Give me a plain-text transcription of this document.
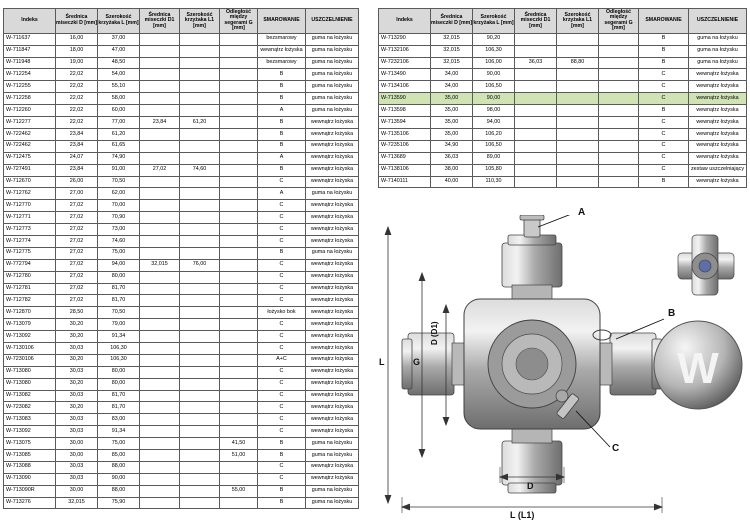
Indeks	Średnica miseczki D [mm]	Szerokość krzyżaka L [mm]	Średnica miseczki D1 [mm]	Szerokość krzyżaka L1 [mm]	Odległość między segerami G [mm]	SMAROWANIE	USZCZELNIENIE
W-711637	16,00	37,00				bezsmarowy	guma na łożysku
W-711847	18,00	47,00				wewnątrz łożyska	guma na łożysku
W-711948	19,00	48,50				bezsmarowy	guma na łożysku
W-712254	22,02	54,00				B	guma na łożysku
W-712255	22,02	55,10				B	guma na łożysku
W-712258	22,02	58,00				B	guma na łożysku
W-712260	22,02	60,00				A	guma na łożysku
W-712277	22,02	77,00	23,84	61,20		B	wewnątrz łożyska
W-722462	23,84	61,20				B	wewnątrz łożyska
W-722462	23,84	61,65				B	wewnątrz łożyska
W-712475	24,07	74,90				A	wewnątrz łożyska
W-727491	23,84	91,00	27,02	74,60		B	wewnątrz łożyska
W-712670	26,00	70,50				C	wewnątrz łożyska
W-712762	27,00	62,00				A	guma na łożysku
W-712770	27,02	70,00				C	wewnątrz łożyska
W-712771	27,02	70,90				C	wewnątrz łożyska
W-712773	27,02	73,00				C	wewnątrz łożyska
W-712774	27,02	74,60				C	wewnątrz łożyska
W-712775	27,02	75,00				B	guma na łożysku
W-772794	27,02	94,00	32,015	76,00		C	wewnątrz łożyska
W-712780	27,02	80,00				C	wewnątrz łożyska
W-712781	27,02	81,70				C	wewnątrz łożyska
W-712782	27,02	81,70				C	wewnątrz łożyska
W-712870	28,50	70,50				łożysko bok	wewnątrz łożyska
W-713079	30,20	79,00				C	wewnątrz łożyska
W-713092	30,20	91,34				C	wewnątrz łożyska
W-7130106	30,03	106,30				C	wewnątrz łożyska
W-7230106	30,20	106,30				A+C	wewnątrz łożyska
W-713080	30,03	80,00				C	wewnątrz łożyska
W-713080	30,20	80,00				C	wewnątrz łożyska
W-713082	30,03	81,70				C	wewnątrz łożyska
W-723082	30,20	81,70				C	wewnątrz łożyska
W-713083	30,03	83,00				C	wewnątrz łożyska
W-713092	30,03	91,34				C	wewnątrz łożyska
W-713075	30,00	75,00			41,50	B	guma na łożysku
W-713085	30,00	85,00			51,00	B	guma na łożysku
W-713088	30,03	88,00				C	wewnątrz łożyska
W-713090	30,03	90,00				C	wewnątrz łożyska
W-713090R	30,00	88,00			55,00	B	guma na łożysku
W-713276	32,015	75,90				B	guma na łożysku
Indeks	Średnica miseczki D [mm]	Szerokość krzyżaka L [mm]	Średnica miseczki D1 [mm]	Szerokość krzyżaka L1 [mm]	Odległość między segerami G [mm]	SMAROWANIE	USZCZELNIENIE
W-713290	32,015	90,20				B	guma na łożysku
W-7132106	32,015	106,30				B	guma na łożysku
W-7232106	32,015	106,00	36,03	88,80		B	guma na łożysku
W-713490	34,00	90,00				C	wewnątrz łożyska
W-7134106	34,00	106,50				C	wewnątrz łożyska
W-713590	35,00	90,00				C	wewnątrz łożyska
W-713598	35,00	98,00				B	wewnątrz łożyska
W-713594	35,00	94,00				C	wewnątrz łożyska
W-7135106	35,00	106,20				C	wewnątrz łożyska
W-7235106	34,90	106,50				C	wewnątrz łożyska
W-713689	36,03	89,00				C	wewnątrz łożyska
W-7138106	38,00	105,80				C	zestaw uszczelniający
W-7140111	40,00	110,30				B	wewnątrz łożyska
W
A
B
C
L	G
D (D1)
D
L (L1)
